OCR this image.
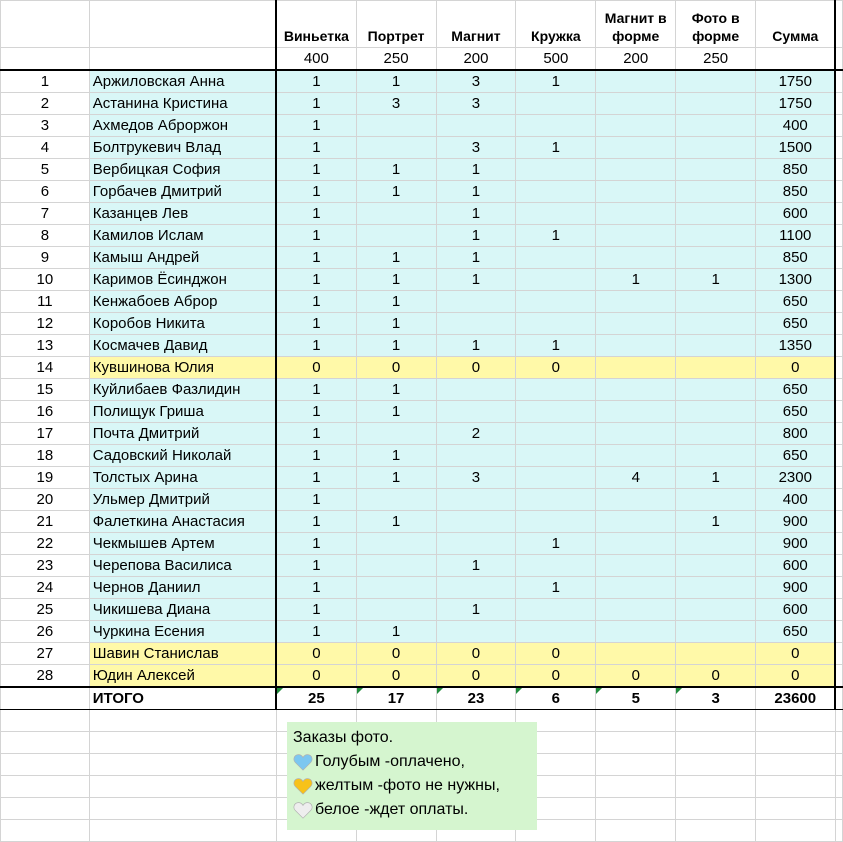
		Виньетка	Портрет	Магнит	Кружка	Магнит в форме	Фото в форме	Сумма	
		400	250	200	500	200	250		
1	Аржиловская Анна	1	1	3	1			1750	
2	Астанина Кристина	1	3	3				1750	
3	Ахмедов Аброржон	1						400	
4	Болтрукевич Влад	1		3	1			1500	
5	Вербицкая София	1	1	1				850	
6	Горбачев Дмитрий	1	1	1				850	
7	Казанцев Лев	1		1				600	
8	Камилов Ислам	1		1	1			1100	
9	Камыш Андрей	1	1	1				850	
10	Каримов Ёсинджон	1	1	1		1	1	1300	
11	Кенжабоев Аброр	1	1					650	
12	Коробов Никита	1	1					650	
13	Космачев Давид	1	1	1	1			1350	
14	Кувшинова Юлия	0	0	0	0			0	
15	Куйлибаев Фазлидин	1	1					650	
16	Полищук Гриша	1	1					650	
17	Почта Дмитрий	1		2				800	
18	Садовский Николай	1	1					650	
19	Толстых Арина	1	1	3		4	1	2300	
20	Ульмер Дмитрий	1						400	
21	Фалеткина Анастасия	1	1				1	900	
22	Чекмышев Артем	1			1			900	
23	Черепова Василиса	1		1				600	
24	Чернов Даниил	1			1			900	
25	Чикишева Диана	1		1				600	
26	Чуркина Есения	1	1					650	
27	Шавин Станислав	0	0	0	0			0	
28	Юдин Алексей	0	0	0	0	0	0	0	
	ИТОГО	25	17	23	6	5	3	23600	

Заказы фото.
Голубым -оплачено,
желтым -фото не нужны,
белое -ждет оплаты.
